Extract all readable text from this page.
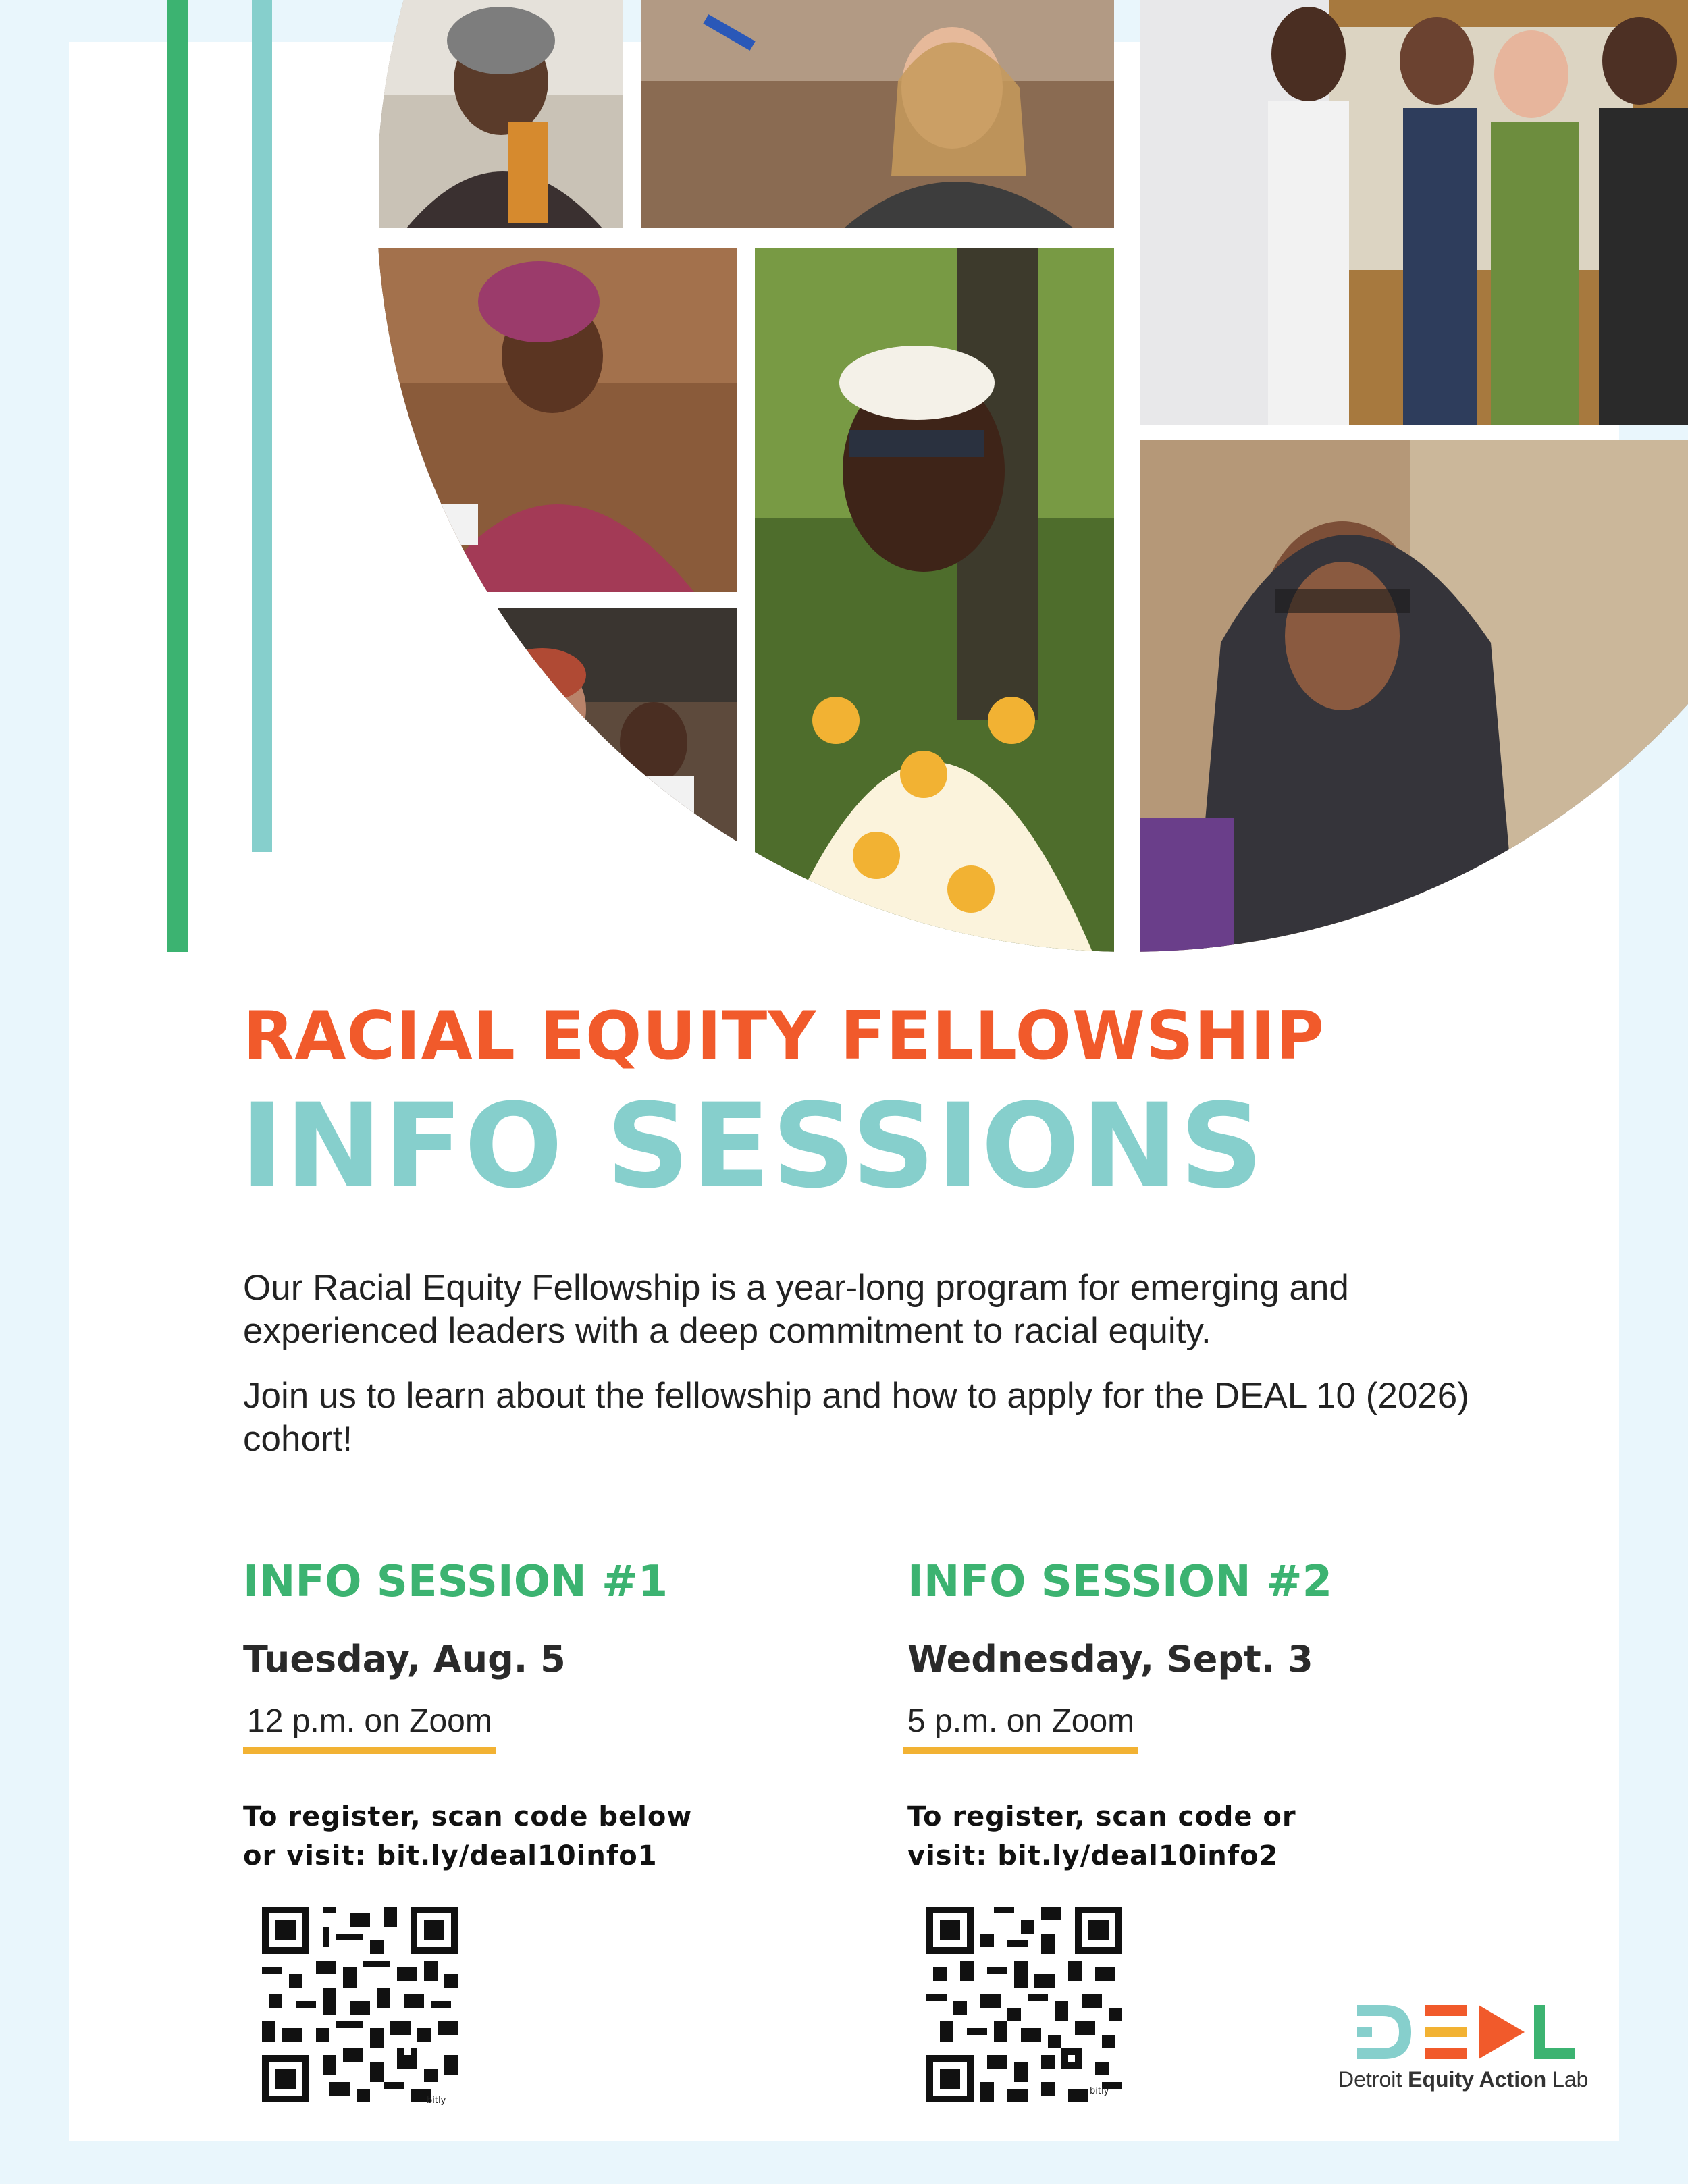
RACIAL EQUITY FELLOWSHIP
INFO SESSIONS
Our Racial Equity Fellowship is a year-long program for emerging and experienced leaders with a deep commitment to racial equity.
Join us to learn about the fellowship and how to apply for the DEAL 10 (2026) cohort!
INFO SESSION #1
Tuesday, Aug. 5
12 p.m. on Zoom
To register, scan code below
or visit: bit.ly/deal10info1
bitly
INFO SESSION #2
Wednesday, Sept. 3
5 p.m. on Zoom
To register, scan code or
visit: bit.ly/deal10info2
bitly	Detroit Equity Action Lab
